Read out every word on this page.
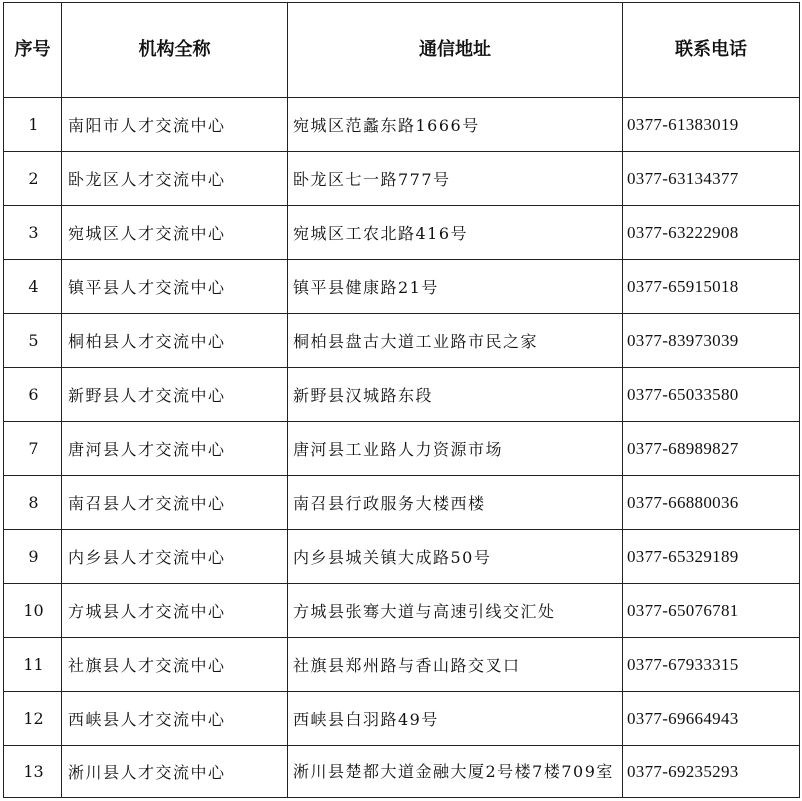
序号	机构全称	通信地址	联系电话
1	南阳市人才交流中心	宛城区范蠡东路1666号	0377-61383019
2	卧龙区人才交流中心	卧龙区七一路777号	0377-63134377
3	宛城区人才交流中心	宛城区工农北路416号	0377-63222908
4	镇平县人才交流中心	镇平县健康路21号	0377-65915018
5	桐柏县人才交流中心	桐柏县盘古大道工业路市民之家	0377-83973039
6	新野县人才交流中心	新野县汉城路东段	0377-65033580
7	唐河县人才交流中心	唐河县工业路人力资源市场	0377-68989827
8	南召县人才交流中心	南召县行政服务大楼西楼	0377-66880036
9	内乡县人才交流中心	内乡县城关镇大成路50号	0377-65329189
10	方城县人才交流中心	方城县张骞大道与高速引线交汇处	0377-65076781
11	社旗县人才交流中心	社旗县郑州路与香山路交叉口	0377-67933315
12	西峡县人才交流中心	西峡县白羽路49号	0377-69664943
13	淅川县人才交流中心	淅川县楚都大道金融大厦2号楼7楼709室	0377-69235293
